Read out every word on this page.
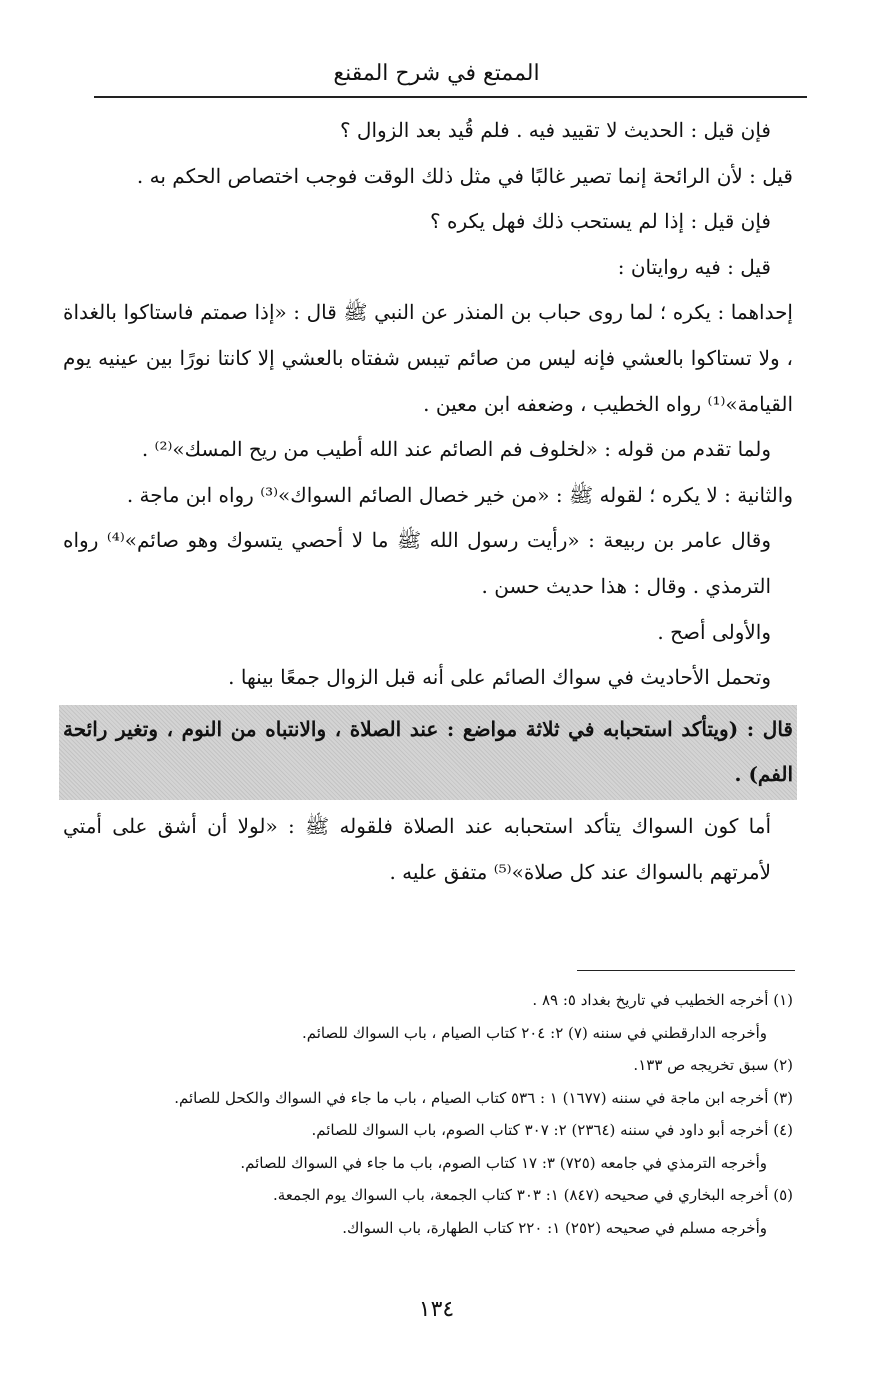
الممتع في شرح المقنع

فإن قيل : الحديث لا تقييد فيه . فلم قُيد بعد الزوال ؟

قيل : لأن الرائحة إنما تصير غالبًا في مثل ذلك الوقت فوجب اختصاص الحكم به .

فإن قيل : إذا لم يستحب ذلك فهل يكره ؟

قيل : فيه روايتان :

إحداهما : يكره ؛ لما روى حباب بن المنذر عن النبي ﷺ قال : «إذا صمتم فاستاكوا بالغداة ، ولا تستاكوا بالعشي فإنه ليس من صائم تيبس شفتاه بالعشي إلا كانتا نورًا بين عينيه يوم القيامة»⁽¹⁾ رواه الخطيب ، وضعفه ابن معين .

ولما تقدم من قوله : «لخلوف فم الصائم عند الله أطيب من ريح المسك»⁽²⁾ .

والثانية : لا يكره ؛ لقوله ﷺ : «من خير خصال الصائم السواك»⁽³⁾ رواه ابن ماجة .

وقال عامر بن ربيعة : «رأيت رسول الله ﷺ ما لا أحصي يتسوك وهو صائم»⁽⁴⁾ رواه الترمذي . وقال : هذا حديث حسن .

والأولى أصح .

وتحمل الأحاديث في سواك الصائم على أنه قبل الزوال جمعًا بينها .

قال : (ويتأكد استحبابه في ثلاثة مواضع : عند الصلاة ، والانتباه من النوم ، وتغير رائحة الفم) .

أما كون السواك يتأكد استحبابه عند الصلاة فلقوله ﷺ : «لولا أن أشق على أمتي لأمرتهم بالسواك عند كل صلاة»⁽⁵⁾ متفق عليه .

(١) أخرجه الخطيب في تاريخ بغداد ٥: ٨٩ .

وأخرجه الدارقطني في سننه (٧) ٢: ٢٠٤ كتاب الصيام ، باب السواك للصائم.

(٢) سبق تخريجه ص ١٣٣.

(٣) أخرجه ابن ماجة في سننه (١٦٧٧) ١ : ٥٣٦ كتاب الصيام ، باب ما جاء في السواك والكحل للصائم.

(٤) أخرجه أبو داود في سننه (٢٣٦٤) ٢: ٣٠٧ كتاب الصوم، باب السواك للصائم.

وأخرجه الترمذي في جامعه (٧٢٥) ٣: ١٧ كتاب الصوم، باب ما جاء في السواك للصائم.

(٥) أخرجه البخاري في صحيحه (٨٤٧) ١: ٣٠٣ كتاب الجمعة، باب السواك يوم الجمعة.

وأخرجه مسلم في صحيحه (٢٥٢) ١: ٢٢٠ كتاب الطهارة، باب السواك.

١٣٤
